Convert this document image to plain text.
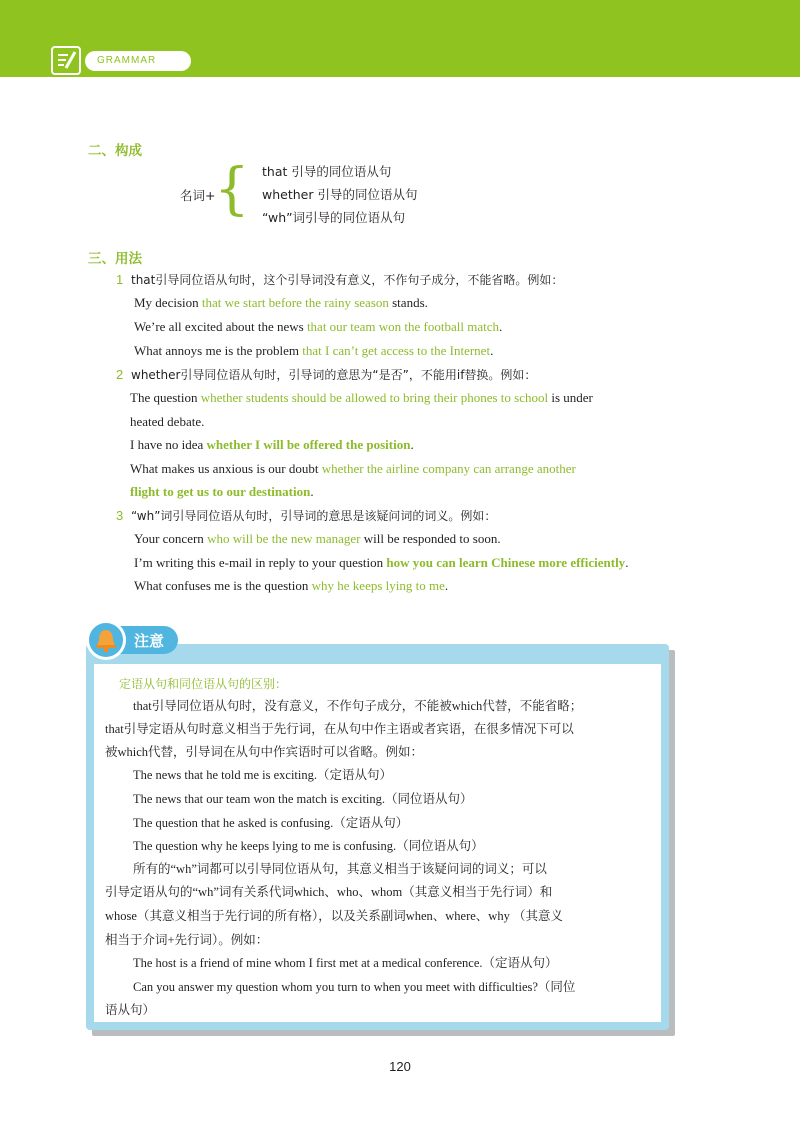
GRAMMAR
二、构成
名词+
{ that 引导的同位语从句
whether 引导的同位语从句
“wh”词引导的同位语从句
三、用法
1 that引导同位语从句时，这个引导词没有意义，不作句子成分，不能省略。例如：
My decision that we start before the rainy season stands.
We’re all excited about the news that our team won the football match.
What annoys me is the problem that I can’t get access to the Internet.
2 whether引导同位语从句时，引导词的意思为“是否”，不能用if替换。例如：
The question whether students should be allowed to bring their phones to school is under
heated debate.
I have no idea whether I will be offered the position.
What makes us anxious is our doubt whether the airline company can arrange another
flight to get us to our destination.
3 “wh”词引导同位语从句时，引导词的意思是该疑问词的词义。例如：
Your concern who will be the new manager will be responded to soon.
I’m writing this e-mail in reply to your question how you can learn Chinese more efficiently.
What confuses me is the question why he keeps lying to me.
注意
定语从句和同位语从句的区别：
that引导同位语从句时，没有意义，不作句子成分，不能被which代替，不能省略；
that引导定语从句时意义相当于先行词，在从句中作主语或者宾语，在很多情况下可以
被which代替，引导词在从句中作宾语时可以省略。例如：
The news that he told me is exciting.（定语从句）
The news that our team won the match is exciting.（同位语从句）
The question that he asked is confusing.（定语从句）
The question why he keeps lying to me is confusing.（同位语从句）
所有的“wh”词都可以引导同位语从句，其意义相当于该疑问词的词义；可以
引导定语从句的“wh”词有关系代词which、who、whom（其意义相当于先行词）和
whose（其意义相当于先行词的所有格），以及关系副词when、where、why （其意义
相当于介词+先行词）。例如：
The host is a friend of mine whom I first met at a medical conference.（定语从句）
Can you answer my question whom you turn to when you meet with difficulties?（同位
语从句）
120
